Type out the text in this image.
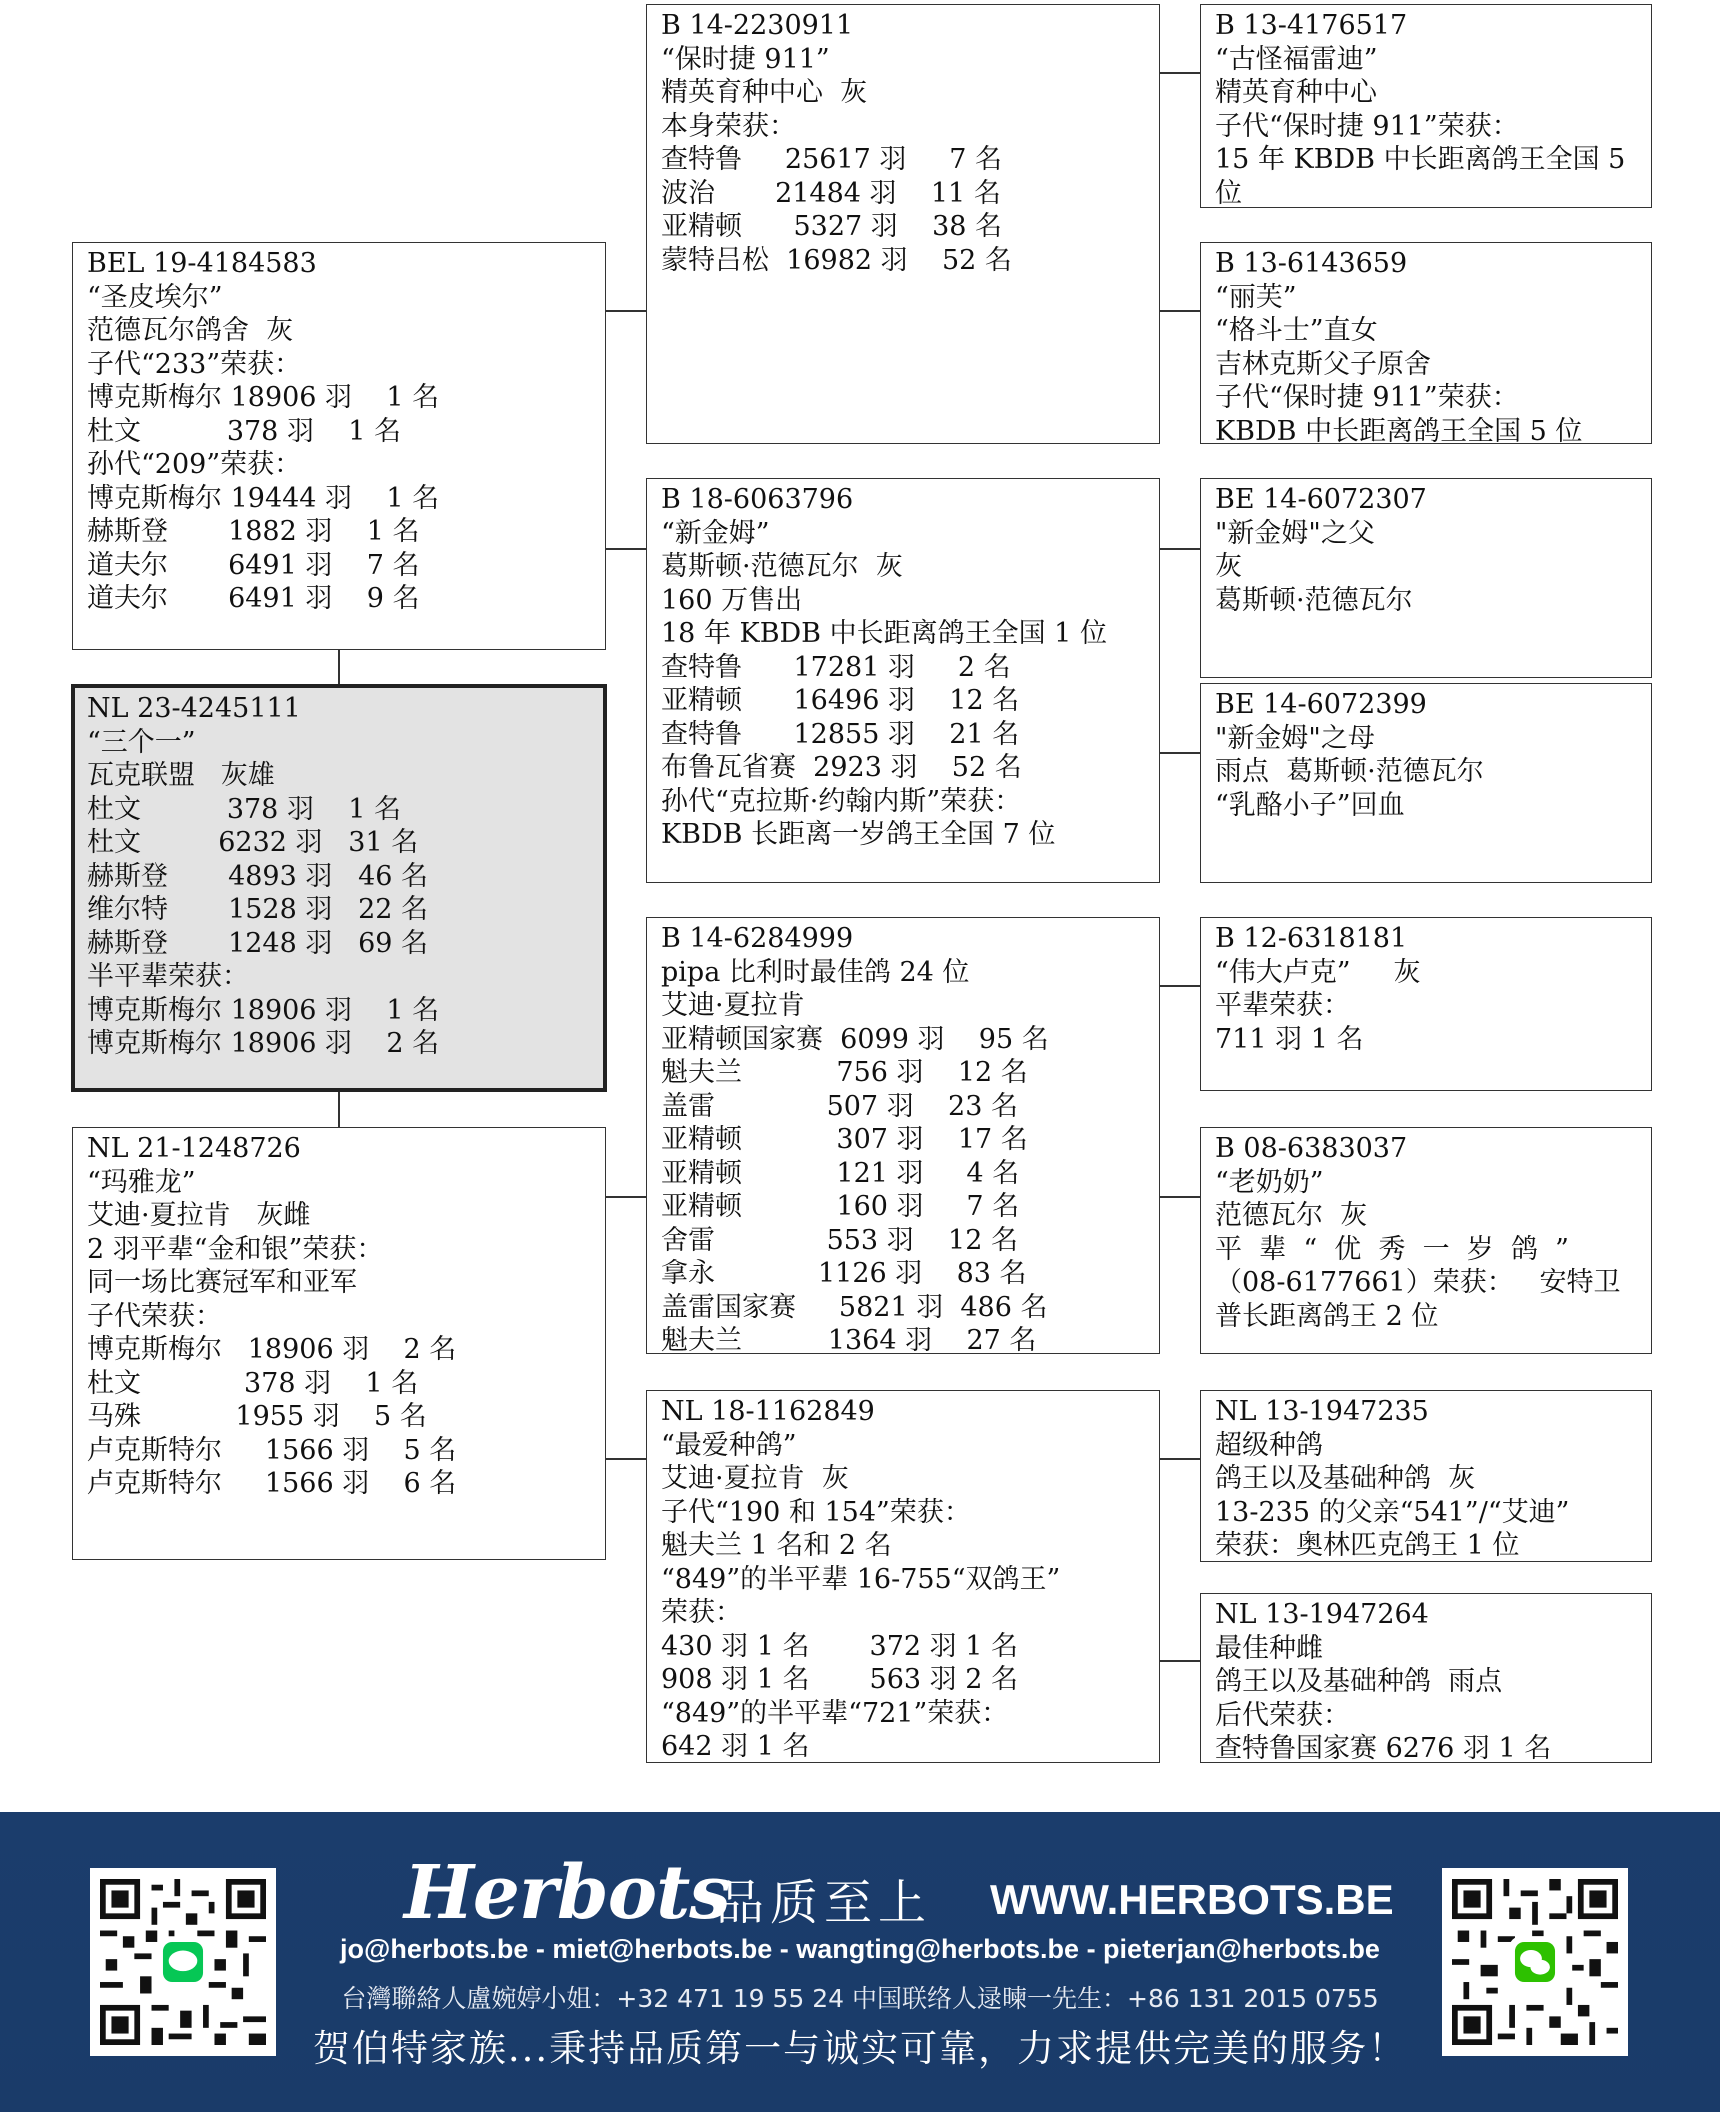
BEL 19-4184583
“圣皮埃尔”
范德瓦尔鸽舍  灰
子代“233”荣获：
博克斯梅尔 18906 羽    1 名
杜文          378 羽    1 名
孙代“209”荣获：
博克斯梅尔 19444 羽    1 名
赫斯登       1882 羽    1 名
道夫尔       6491 羽    7 名
道夫尔       6491 羽    9 名
NL 23-4245111
“三个一”
瓦克联盟   灰雄
杜文          378 羽    1 名
杜文         6232 羽   31 名
赫斯登       4893 羽   46 名
维尔特       1528 羽   22 名
赫斯登       1248 羽   69 名
半平辈荣获：
博克斯梅尔 18906 羽    1 名
博克斯梅尔 18906 羽    2 名
NL 21-1248726
“玛雅龙”
艾迪·夏拉肯   灰雌
2 羽平辈“金和银”荣获：
同一场比赛冠军和亚军
子代荣获：
博克斯梅尔   18906 羽    2 名
杜文            378 羽    1 名
马殊           1955 羽    5 名
卢克斯特尔     1566 羽    5 名
卢克斯特尔     1566 羽    6 名
B 14-2230911
“保时捷 911”
精英育种中心  灰
本身荣获：
查特鲁     25617 羽     7 名
波治       21484 羽    11 名
亚精顿      5327 羽    38 名
蒙特吕松  16982 羽    52 名
B 18-6063796
“新金姆”
葛斯顿·范德瓦尔  灰
160 万售出
18 年 KBDB 中长距离鸽王全国 1 位
查特鲁      17281 羽     2 名
亚精顿      16496 羽    12 名
查特鲁      12855 羽    21 名
布鲁瓦省赛  2923 羽    52 名
孙代“克拉斯·约翰内斯”荣获：
KBDB 长距离一岁鸽王全国 7 位
B 14-6284999
pipa 比利时最佳鸽 24 位
艾迪·夏拉肯
亚精顿国家赛  6099 羽    95 名
魁夫兰           756 羽    12 名
盖雷             507 羽    23 名
亚精顿           307 羽    17 名
亚精顿           121 羽     4 名
亚精顿           160 羽     7 名
舍雷             553 羽    12 名
拿永            1126 羽    83 名
盖雷国家赛     5821 羽  486 名
魁夫兰          1364 羽    27 名
NL 18-1162849
“最爱种鸽”
艾迪·夏拉肯  灰
子代“190 和 154”荣获：
魁夫兰 1 名和 2 名
“849”的半平辈 16-755“双鸽王”
荣获：
430 羽 1 名       372 羽 1 名
908 羽 1 名       563 羽 2 名
“849”的半平辈“721”荣获：
642 羽 1 名
B 13-4176517
“古怪福雷迪”
精英育种中心
子代“保时捷 911”荣获：
15 年 KBDB 中长距离鸽王全国 5
位
B 13-6143659
“丽芙”
“格斗士”直女
吉林克斯父子原舍
子代“保时捷 911”荣获：
KBDB 中长距离鸽王全国 5 位
BE 14-6072307
"新金姆"之父
灰
葛斯顿·范德瓦尔
BE 14-6072399
"新金姆"之母
雨点  葛斯顿·范德瓦尔
“乳酪小子”回血
B 12-6318181
“伟大卢克”     灰
平辈荣获：
711 羽 1 名
B 08-6383037
“老奶奶”
范德瓦尔  灰
平  辈  “  优  秀  一  岁  鸽  ”
（08-6177661）荣获：   安特卫
普长距离鸽王 2 位
NL 13-1947235
超级种鸽
鸽王以及基础种鸽  灰
13-235 的父亲“541”/“艾迪”
荣获：奥林匹克鸽王 1 位
NL 13-1947264
最佳种雌
鸽王以及基础种鸽  雨点
后代荣获：
查特鲁国家赛 6276 羽 1 名
Herbots
品质至上 WWW.HERBOTS.BE
jo@herbots.be - miet@herbots.be - wangting@herbots.be - pieterjan@herbots.be
台灣聯絡人盧婉婷小姐：+32 471 19 55 24 中国联络人逯暕一先生：+86 131 2015 0755
贺伯特家族...秉持品质第一与诚实可靠，力求提供完美的服务！
